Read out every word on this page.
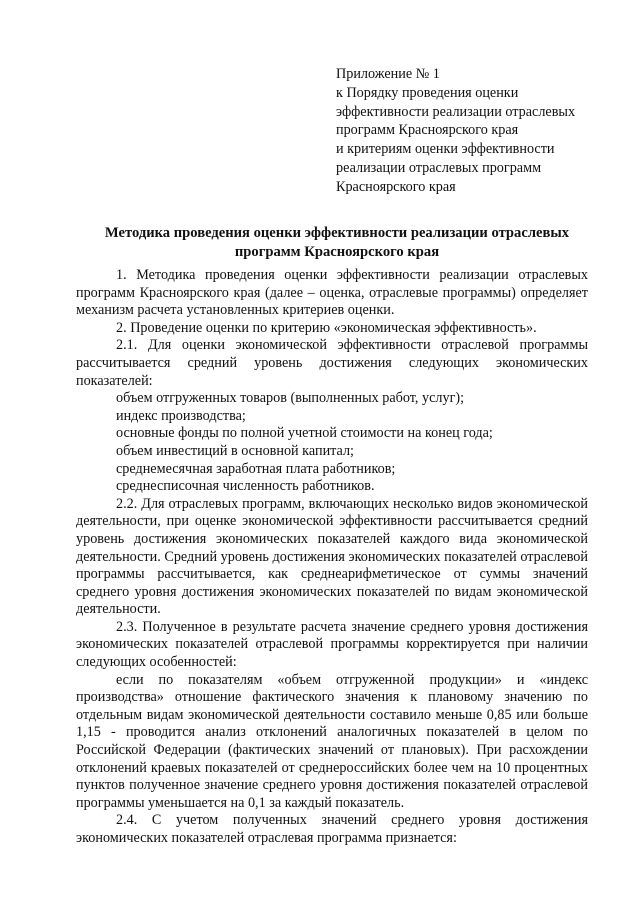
Приложение № 1
к Порядку проведения оценки
эффективности реализации отраслевых
программ Красноярского края
и критериям оценки эффективности
реализации отраслевых программ
Красноярского края
Методика проведения оценки эффективности реализации отраслевых программ Красноярского края

1. Методика проведения оценки эффективности реализации отраслевых программ Красноярского края (далее – оценка, отраслевые программы) определяет механизм расчета установленных критериев оценки.

2. Проведение оценки по критерию «экономическая эффективность».

2.1. Для оценки экономической эффективности отраслевой программы рассчитывается средний уровень достижения следующих экономических показателей:

объем отгруженных товаров (выполненных работ, услуг);

индекс производства;

основные фонды по полной учетной стоимости на конец года;

объем инвестиций в основной капитал;

среднемесячная заработная плата работников;

среднесписочная численность работников.

2.2. Для отраслевых программ, включающих несколько видов экономической деятельности, при оценке экономической эффективности рассчитывается средний уровень достижения экономических показателей каждого вида экономической деятельности. Средний уровень достижения экономических показателей отраслевой программы рассчитывается, как среднеарифметическое от суммы значений среднего уровня достижения экономических показателей по видам экономической деятельности.

2.3. Полученное в результате расчета значение среднего уровня достижения экономических показателей отраслевой программы корректируется при наличии следующих особенностей:

если по показателям «объем отгруженной продукции» и «индекс производства» отношение фактического значения к плановому значению по отдельным видам экономической деятельности составило меньше 0,85 или больше 1,15 - проводится анализ отклонений аналогичных показателей в целом по Российской Федерации (фактических значений от плановых). При расхождении отклонений краевых показателей от среднероссийских более чем на 10 процентных пунктов полученное значение среднего уровня достижения показателей отраслевой программы уменьшается на 0,1 за каждый показатель.

2.4. С учетом полученных значений среднего уровня достижения экономических показателей отраслевая программа признается:
